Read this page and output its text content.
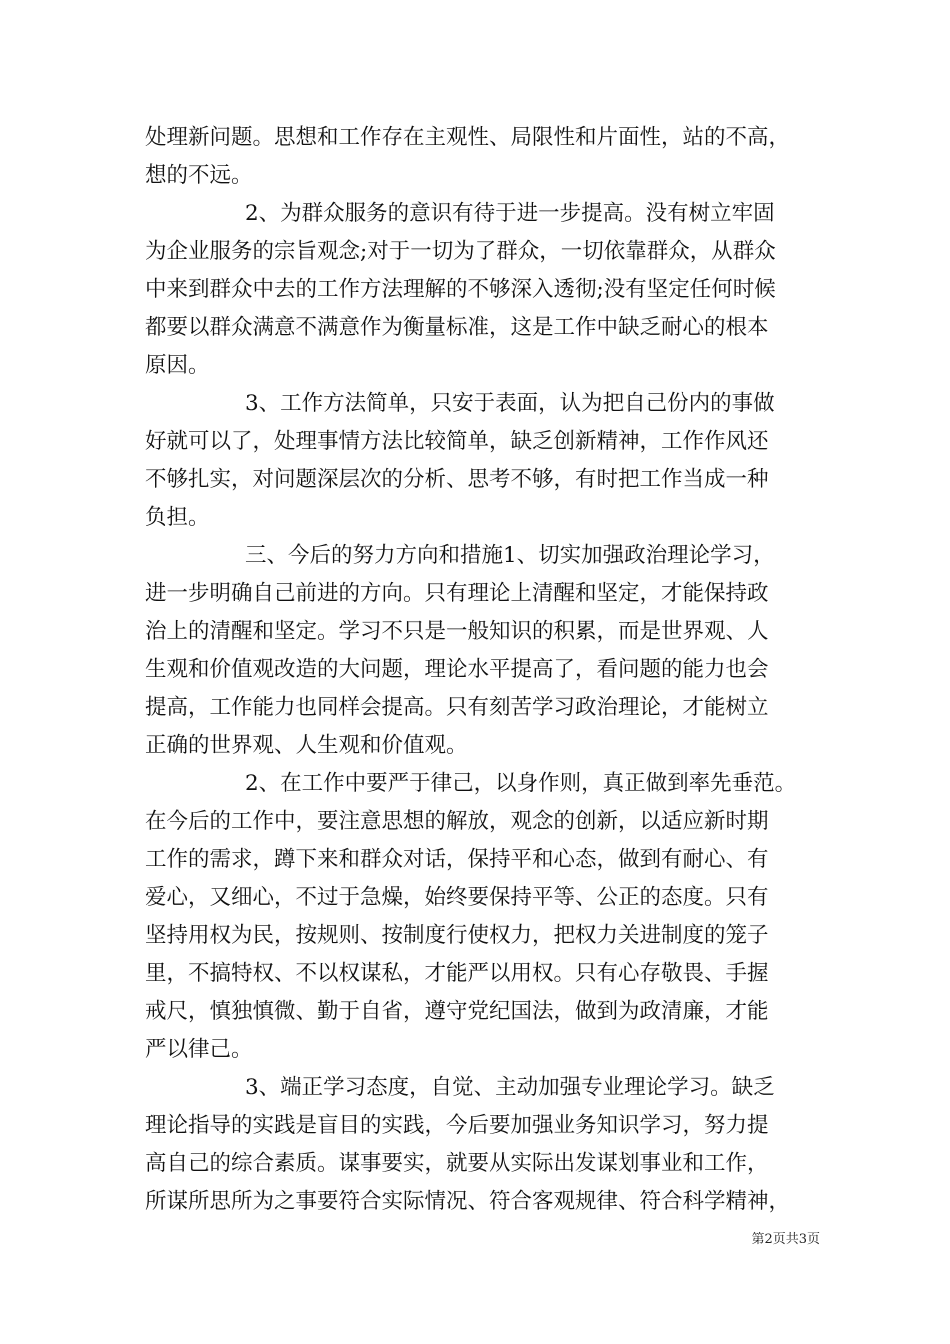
处理新问题。思想和工作存在主观性、局限性和片面性，站的不高，
想的不远。
2、为群众服务的意识有待于进一步提高。没有树立牢固
为企业服务的宗旨观念;对于一切为了群众，一切依靠群众，从群众
中来到群众中去的工作方法理解的不够深入透彻;没有坚定任何时候
都要以群众满意不满意作为衡量标准，这是工作中缺乏耐心的根本
原因。
3、工作方法简单，只安于表面，认为把自己份内的事做
好就可以了，处理事情方法比较简单，缺乏创新精神，工作作风还
不够扎实，对问题深层次的分析、思考不够，有时把工作当成一种
负担。
三、今后的努力方向和措施1、切实加强政治理论学习，
进一步明确自己前进的方向。只有理论上清醒和坚定，才能保持政
治上的清醒和坚定。学习不只是一般知识的积累，而是世界观、人
生观和价值观改造的大问题，理论水平提高了，看问题的能力也会
提高，工作能力也同样会提高。只有刻苦学习政治理论，才能树立
正确的世界观、人生观和价值观。
2、在工作中要严于律己，以身作则，真正做到率先垂范。
在今后的工作中，要注意思想的解放，观念的创新，以适应新时期
工作的需求，蹲下来和群众对话，保持平和心态，做到有耐心、有
爱心，又细心，不过于急燥，始终要保持平等、公正的态度。只有
坚持用权为民，按规则、按制度行使权力，把权力关进制度的笼子
里，不搞特权、不以权谋私，才能严以用权。只有心存敬畏、手握
戒尺，慎独慎微、勤于自省，遵守党纪国法，做到为政清廉，才能
严以律己。
3、端正学习态度，自觉、主动加强专业理论学习。缺乏
理论指导的实践是盲目的实践，今后要加强业务知识学习，努力提
高自己的综合素质。谋事要实，就要从实际出发谋划事业和工作，
所谋所思所为之事要符合实际情况、符合客观规律、符合科学精神，
第2页共3页
